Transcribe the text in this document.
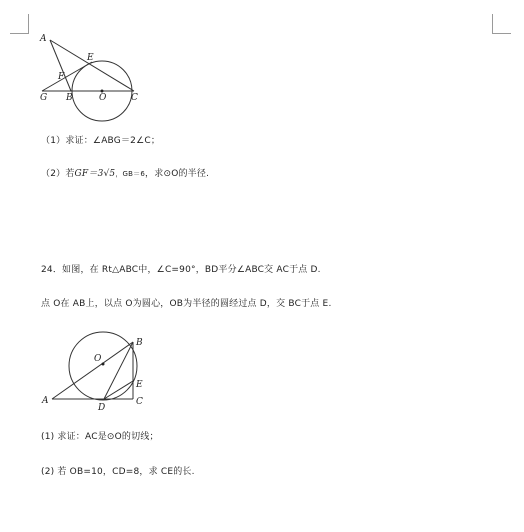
A
E
F
G B	O	C
O
B
E
A
D
C
（1）求证：∠ABG＝2∠C；
（2）若GF＝3√5，GB＝6，求⊙O的半径.
24．如图，在 Rt△ABC中，∠C=90°，BD平分∠ABC交 AC于点 D.
点 O在 AB上，以点 O为圆心，OB为半径的圆经过点 D，交 BC于点 E.
(1) 求证：AC是⊙O的切线；
(2) 若 OB=10，CD=8，求 CE的长.
